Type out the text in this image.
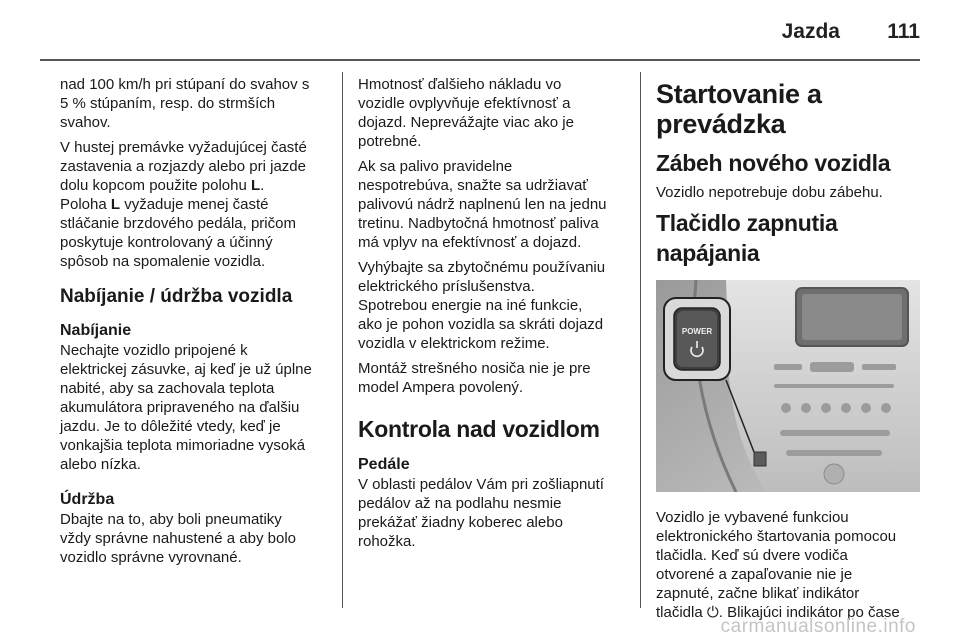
Jazda 111

nad 100 km/h pri stúpaní do svahov s
5 % stúpaním, resp. do strmších
svahov.

V hustej premávke vyžadujúcej časté
zastavenia a rozjazdy alebo pri jazde

dolu kopcom použite polohu L.
Poloha L vyžaduje menej časté

stláčanie brzdového pedála, pričom
poskytuje kontrolovaný a účinný
spôsob na spomalenie vozidla.

Nabíjanie / údržba vozidla
Nabíjanie

Nechajte vozidlo pripojené k
elektrickej zásuvke, aj keď je už úplne
nabité, aby sa zachovala teplota
akumulátora pripraveného na ďalšiu
jazdu. Je to dôležité vtedy, keď je
vonkajšia teplota mimoriadne vysoká
alebo nízka.

Údržba

Dbajte na to, aby boli pneumatiky
vždy správne nahustené a aby bolo
vozidlo správne vyrovnané.

Hmotnosť ďalšieho nákladu vo
vozidle ovplyvňuje efektívnosť a
dojazd. Neprevážajte viac ako je
potrebné.

Ak sa palivo pravidelne
nespotrebúva, snažte sa udržiavať
palivovú nádrž naplnenú len na jednu
tretinu. Nadbytočná hmotnosť paliva
má vplyv na efektívnosť a dojazd.

Vyhýbajte sa zbytočnému používaniu
elektrického príslušenstva.
Spotrebou energie na iné funkcie,
ako je pohon vozidla sa skráti dojazd
vozidla v elektrickom režime.

Montáž strešného nosiča nie je pre
model Ampera povolený.

Kontrola nad vozidlom
Pedále

V oblasti pedálov Vám pri zošliapnutí
pedálov až na podlahu nesmie
prekážať žiadny koberec alebo
rohožka.

Startovanie a
prevádzka
Zábeh nového vozidla

Vozidlo nepotrebuje dobu zábehu.

Tlačidlo zapnutia
napájania
POWER

Vozidlo je vybavené funkciou
elektronického štartovania pomocou
tlačidla. Keď sú dvere vodiča
otvorené a zapaľovanie nie je
zapnuté, začne blikať indikátor

tlačidla ⏻. Blikajúci indikátor po čase

carmanualsonline.info
